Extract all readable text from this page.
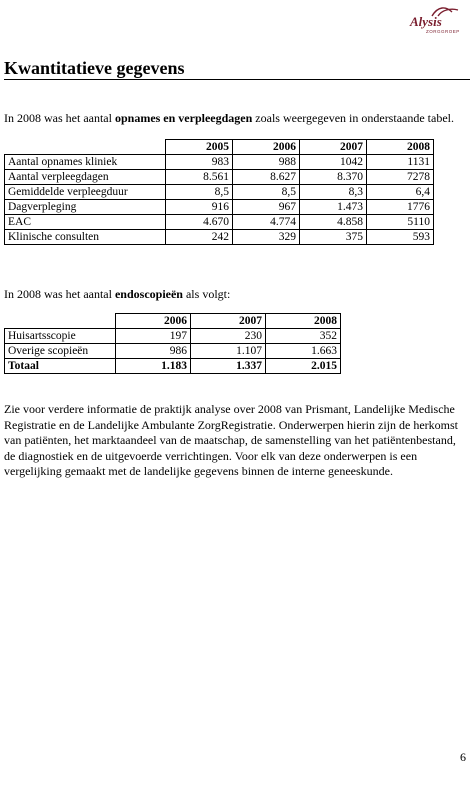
Alysis
ZORGGROEP
Kwantitatieve gegevens

In 2008 was het aantal opnames en verpleegdagen zoals weergegeven in onderstaande tabel.

	2005	2006	2007	2008
Aantal opnames kliniek	983	988	1042	1131
Aantal verpleegdagen	8.561	8.627	8.370	7278
Gemiddelde verpleegduur	8,5	8,5	8,3	6,4
Dagverpleging	916	967	1.473	1776
EAC	4.670	4.774	4.858	5110
Klinische consulten	242	329	375	593

In 2008 was het aantal endoscopieën als volgt:

	2006	2007	2008
Huisartsscopie	197	230	352
Overige scopieën	986	1.107	1.663
Totaal	1.183	1.337	2.015

Zie voor verdere informatie de praktijk analyse over 2008 van Prismant, Landelijke Medische Registratie en de Landelijke Ambulante ZorgRegistratie. Onderwerpen hierin zijn de herkomst van patiënten, het marktaandeel van de maatschap, de samenstelling van het patiëntenbestand, de diagnostiek en de uitgevoerde verrichtingen. Voor elk van deze onderwerpen is een vergelijking gemaakt met de landelijke gegevens binnen de interne geneeskunde.

6
